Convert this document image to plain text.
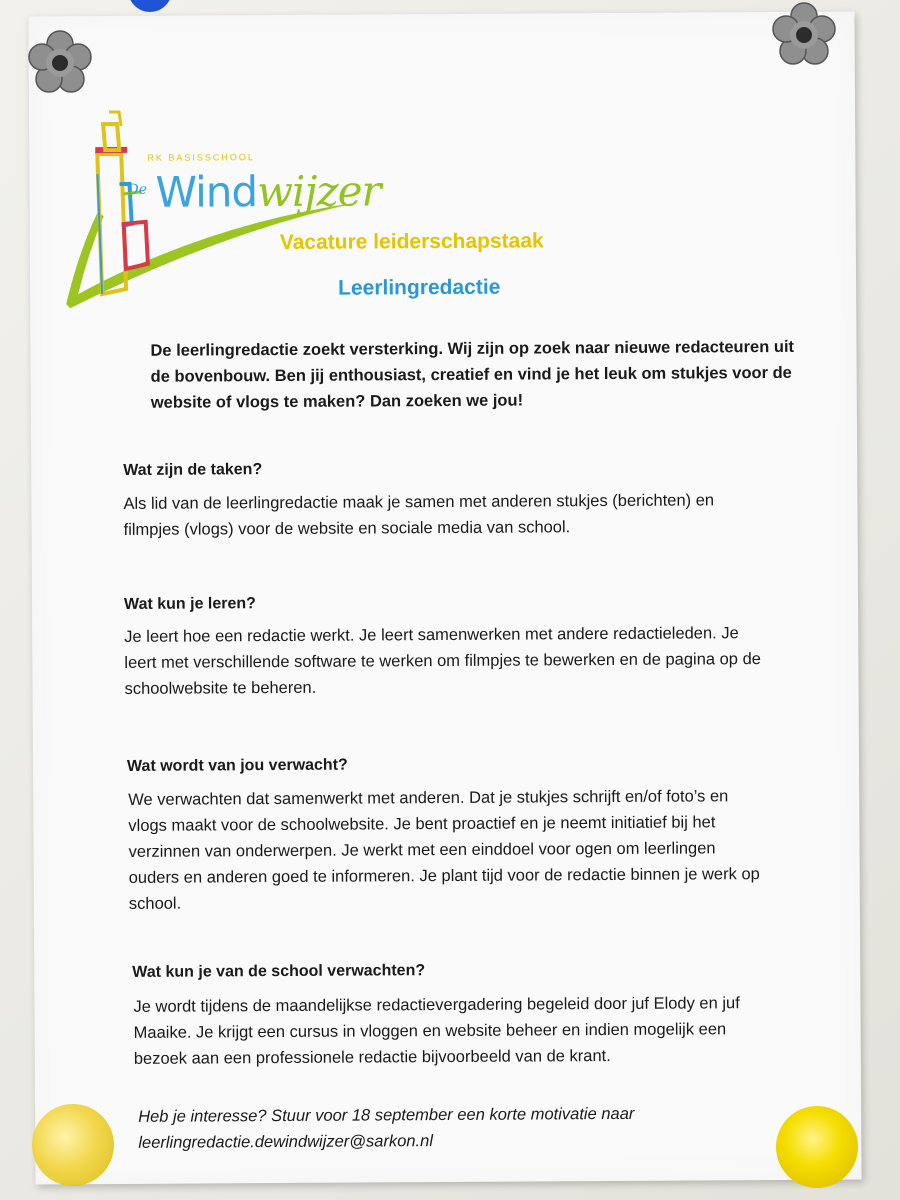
RK BASISSCHOOL
De Windwijzer
Vacature leiderschapstaak
Leerlingredactie
De leerlingredactie zoekt versterking. Wij zijn op zoek naar nieuwe redacteuren uit de bovenbouw. Ben jij enthousiast, creatief en vind je het leuk om stukjes voor de website of vlogs te maken? Dan zoeken we jou!
Wat zijn de taken?
Als lid van de leerlingredactie maak je samen met anderen stukjes (berichten) en filmpjes (vlogs) voor de website en sociale media van school.
Wat kun je leren?
Je leert hoe een redactie werkt. Je leert samenwerken met andere redactieleden. Je leert met verschillende software te werken om filmpjes te bewerken en de pagina op de schoolwebsite te beheren.
Wat wordt van jou verwacht?
We verwachten dat samenwerkt met anderen. Dat je stukjes schrijft en/of foto’s en vlogs maakt voor de schoolwebsite. Je bent proactief en je neemt initiatief bij het verzinnen van onderwerpen. Je werkt met een einddoel voor ogen om leerlingen ouders en anderen goed te informeren. Je plant tijd voor de redactie binnen je werk op school.
Wat kun je van de school verwachten?
Je wordt tijdens de maandelijkse redactievergadering begeleid door juf Elody en juf Maaike. Je krijgt een cursus in vloggen en website beheer en indien mogelijk een bezoek aan een professionele redactie bijvoorbeeld van de krant.
Heb je interesse? Stuur voor 18 september een korte motivatie naar
leerlingredactie.dewindwijzer@sarkon.nl
